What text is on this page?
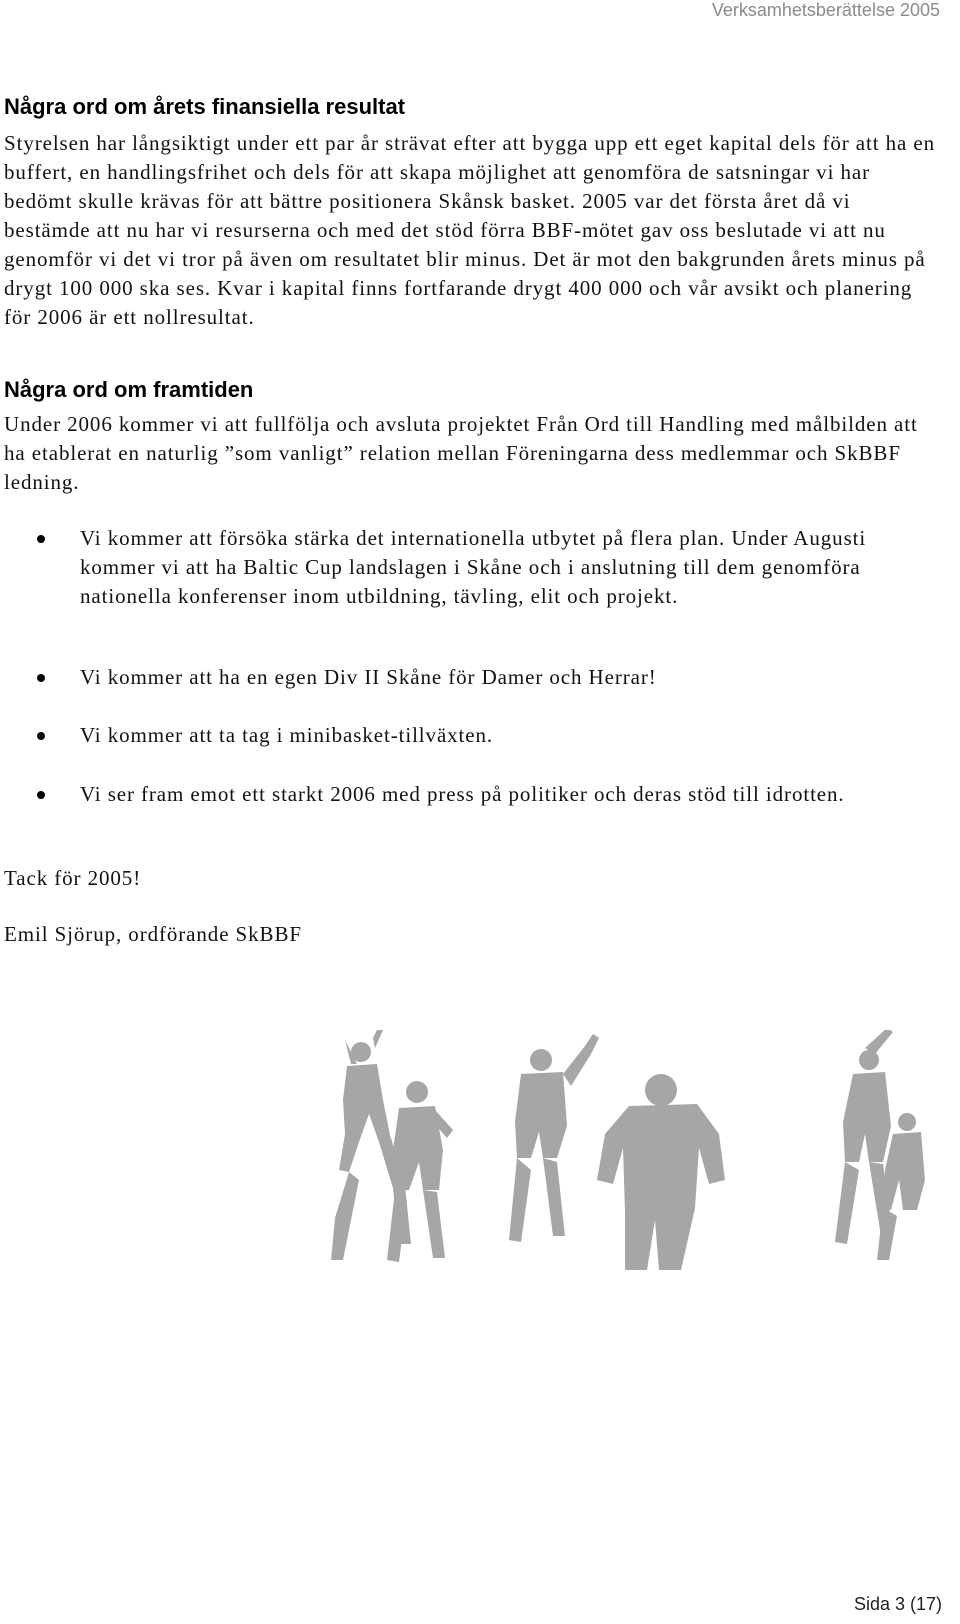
Verksamhetsberättelse 2005
Några ord om årets finansiella resultat

Styrelsen har långsiktigt under ett par år strävat efter att bygga upp ett eget kapital dels för att ha en buffert, en handlingsfrihet och dels för att skapa möjlighet att genomföra de satsningar vi har bedömt skulle krävas för att bättre positionera Skånsk basket. 2005 var det första året då vi bestämde att nu har vi resurserna och med det stöd förra BBF-mötet gav oss beslutade vi att nu genomför vi det vi tror på även om resultatet blir minus. Det är mot den bakgrunden årets minus på drygt 100 000 ska ses. Kvar i kapital finns fortfarande drygt 400 000 och vår avsikt och planering för 2006 är ett nollresultat.

Några ord om framtiden

Under 2006 kommer vi att fullfölja och avsluta projektet Från Ord till Handling med målbilden att ha etablerat en naturlig ”som vanligt” relation mellan Föreningarna dess medlemmar och SkBBF ledning.

Vi kommer att försöka stärka det internationella utbytet på flera plan. Under Augusti kommer vi att ha Baltic Cup landslagen i Skåne och i anslutning till dem genomföra nationella konferenser inom utbildning, tävling, elit och projekt.
Vi kommer att ha en egen Div II Skåne för Damer och Herrar!
Vi kommer att ta tag i minibasket-tillväxten.
Vi ser fram emot ett starkt 2006 med press på politiker och deras stöd till idrotten.

Tack för 2005!

Emil Sjörup, ordförande SkBBF

Sida 3 (17)
